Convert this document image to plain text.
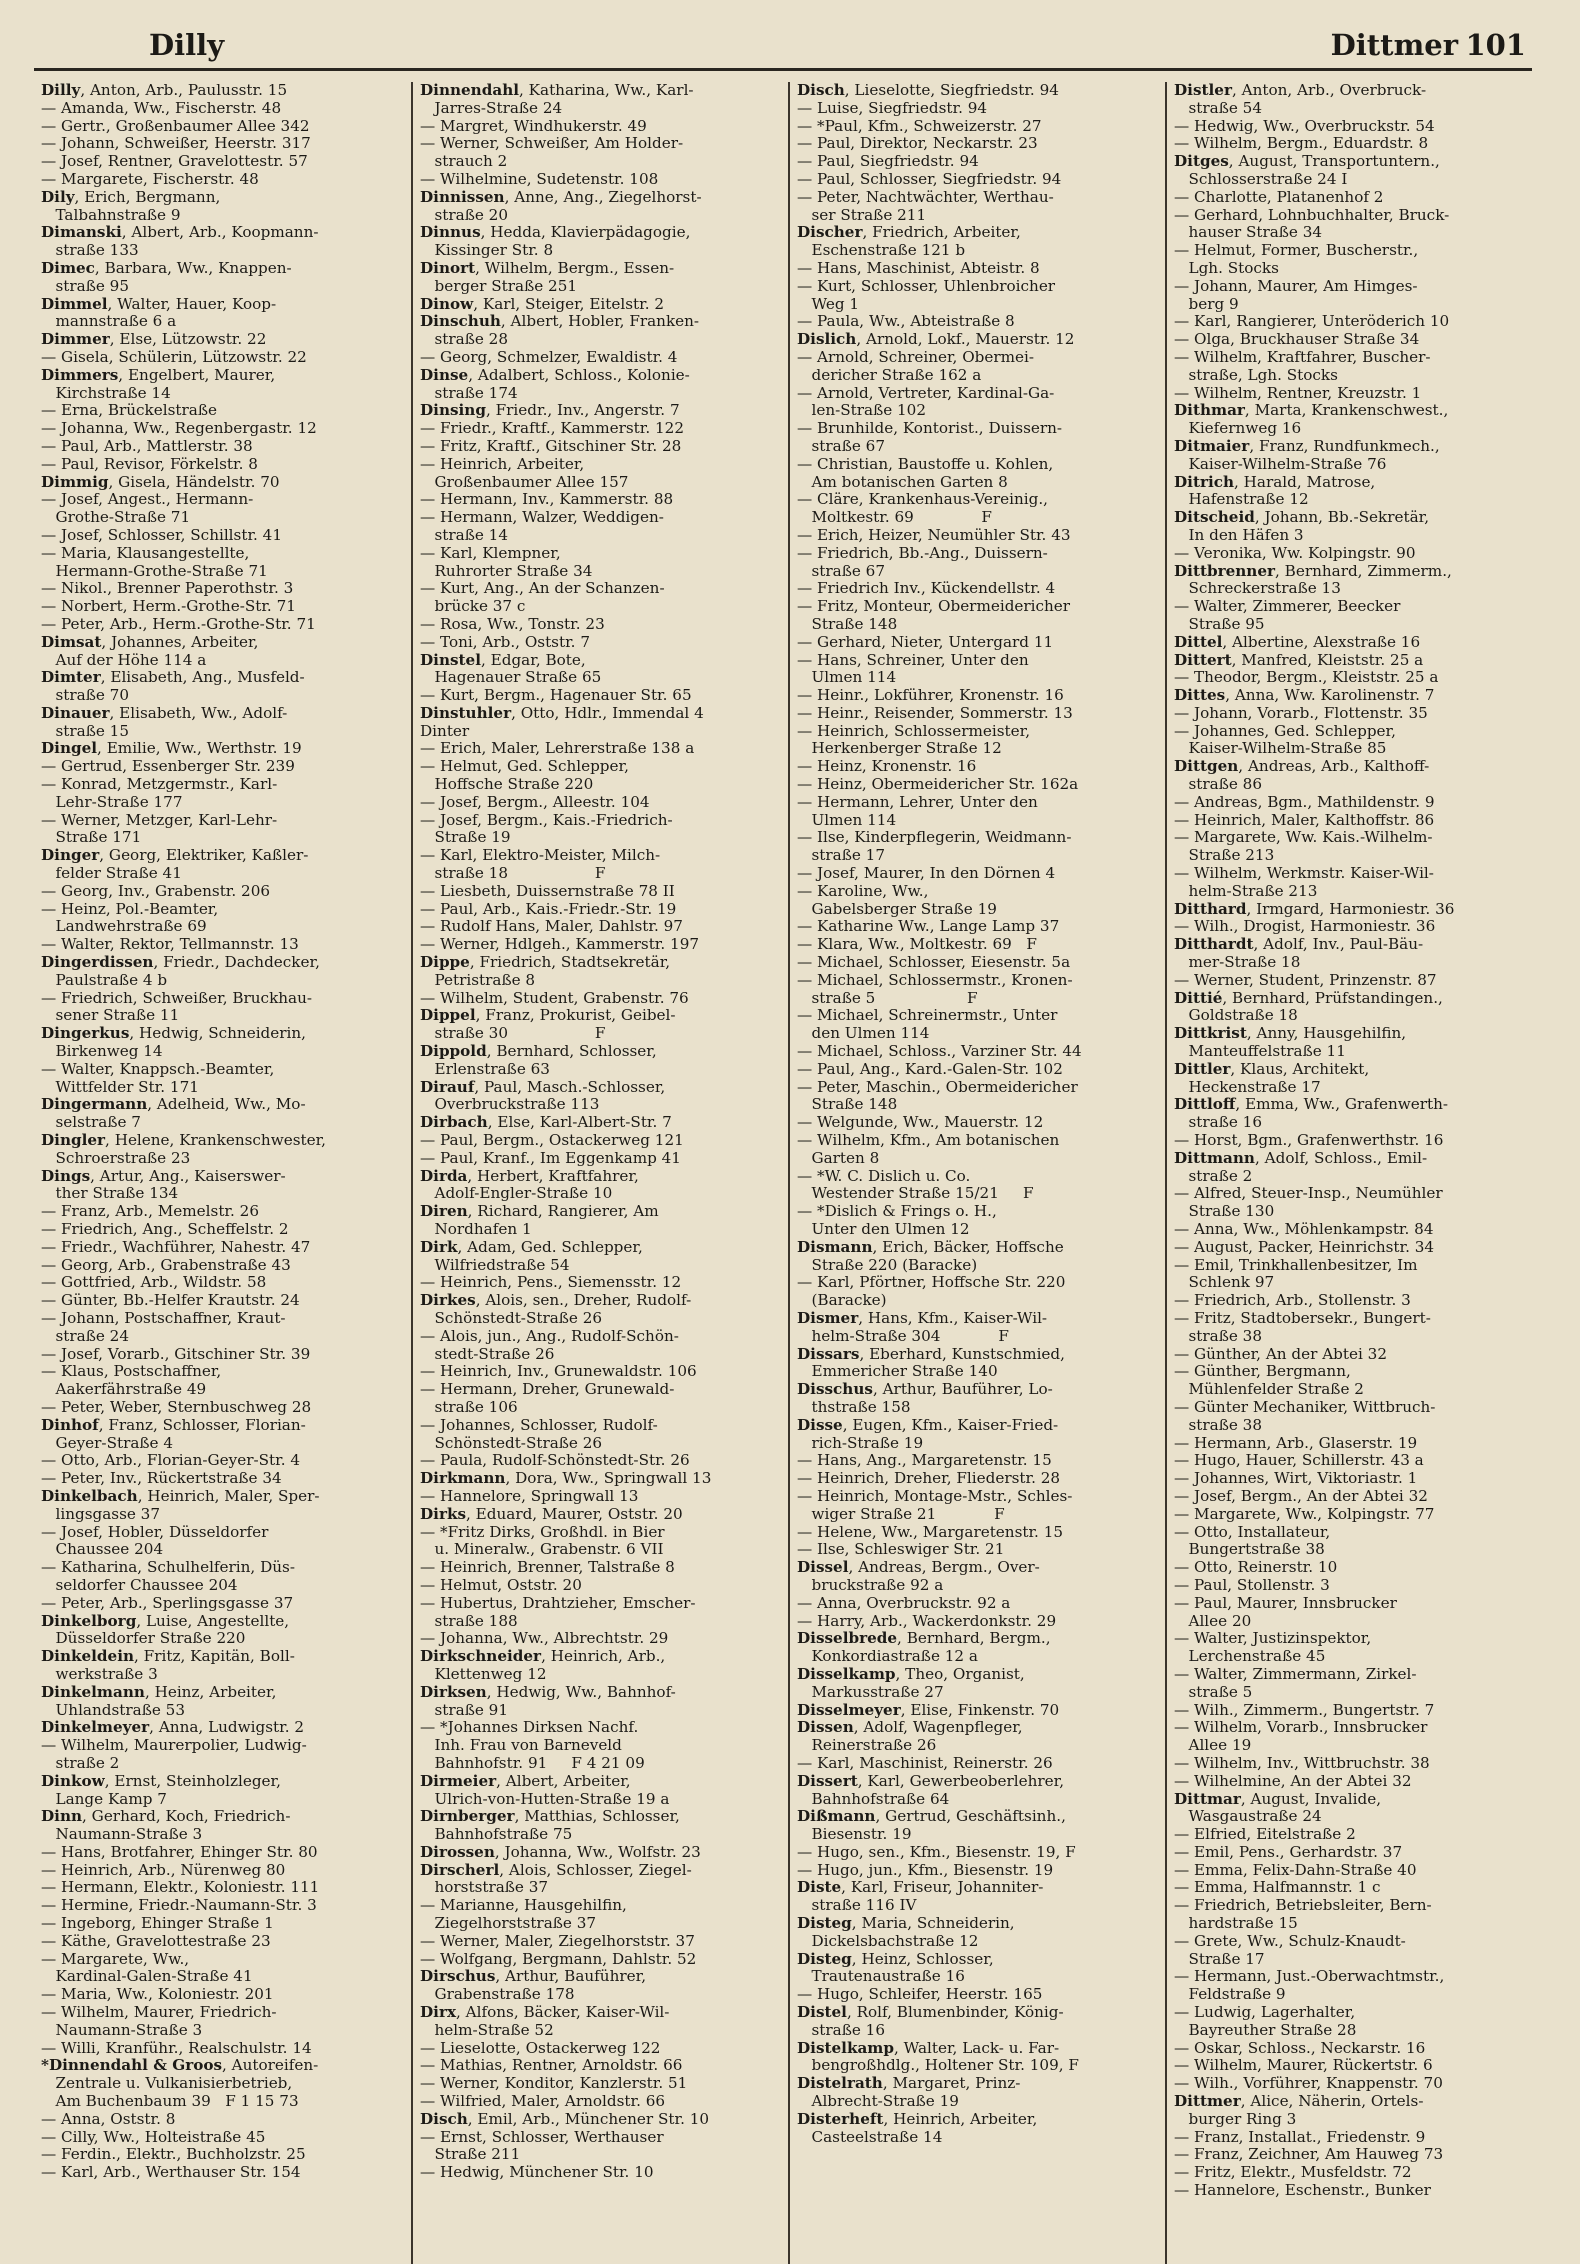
Dilly	Dittmer 101
Dilly, Anton, Arb., Paulusstr. 15
— Amanda, Ww., Fischerstr. 48
— Gertr., Großenbaumer Allee 342
— Johann, Schweißer, Heerstr. 317
— Josef, Rentner, Gravelottestr. 57
— Margarete, Fischerstr. 48
Dily, Erich, Bergmann,
Talbahnstraße 9
Dimanski, Albert, Arb., Koopmann-
straße 133
Dimec, Barbara, Ww., Knappen-
straße 95
Dimmel, Walter, Hauer, Koop-
mannstraße 6 a
Dimmer, Else, Lützowstr. 22
— Gisela, Schülerin, Lützowstr. 22
Dimmers, Engelbert, Maurer,
Kirchstraße 14
— Erna, Brückelstraße
— Johanna, Ww., Regenbergastr. 12
— Paul, Arb., Mattlerstr. 38
— Paul, Revisor, Förkelstr. 8
Dimmig, Gisela, Händelstr. 70
— Josef, Angest., Hermann-
Grothe-Straße 71
— Josef, Schlosser, Schillstr. 41
— Maria, Klausangestellte,
Hermann-Grothe-Straße 71
— Nikol., Brenner Paperothstr. 3
— Norbert, Herm.-Grothe-Str. 71
— Peter, Arb., Herm.-Grothe-Str. 71
Dimsat, Johannes, Arbeiter,
Auf der Höhe 114 a
Dimter, Elisabeth, Ang., Musfeld-
straße 70
Dinauer, Elisabeth, Ww., Adolf-
straße 15
Dingel, Emilie, Ww., Werthstr. 19
— Gertrud, Essenberger Str. 239
— Konrad, Metzgermstr., Karl-
Lehr-Straße 177
— Werner, Metzger, Karl-Lehr-
Straße 171
Dinger, Georg, Elektriker, Kaßler-
felder Straße 41
— Georg, Inv., Grabenstr. 206
— Heinz, Pol.-Beamter,
Landwehrstraße 69
— Walter, Rektor, Tellmannstr. 13
Dingerdissen, Friedr., Dachdecker,
Paulstraße 4 b
— Friedrich, Schweißer, Bruckhau-
sener Straße 11
Dingerkus, Hedwig, Schneiderin,
Birkenweg 14
— Walter, Knappsch.-Beamter,
Wittfelder Str. 171
Dingermann, Adelheid, Ww., Mo-
selstraße 7
Dingler, Helene, Krankenschwester,
Schroerstraße 23
Dings, Artur, Ang., Kaiserswer-
ther Straße 134
— Franz, Arb., Memelstr. 26
— Friedrich, Ang., Scheffelstr. 2
— Friedr., Wachführer, Nahestr. 47
— Georg, Arb., Grabenstraße 43
— Gottfried, Arb., Wildstr. 58
— Günter, Bb.-Helfer Krautstr. 24
— Johann, Postschaffner, Kraut-
straße 24
— Josef, Vorarb., Gitschiner Str. 39
— Klaus, Postschaffner,
Aakerfährstraße 49
— Peter, Weber, Sternbuschweg 28
Dinhof, Franz, Schlosser, Florian-
Geyer-Straße 4
— Otto, Arb., Florian-Geyer-Str. 4
— Peter, Inv., Rückertstraße 34
Dinkelbach, Heinrich, Maler, Sper-
lingsgasse 37
— Josef, Hobler, Düsseldorfer
Chaussee 204
— Katharina, Schulhelferin, Düs-
seldorfer Chaussee 204
— Peter, Arb., Sperlingsgasse 37
Dinkelborg, Luise, Angestellte,
Düsseldorfer Straße 220
Dinkeldein, Fritz, Kapitän, Boll-
werkstraße 3
Dinkelmann, Heinz, Arbeiter,
Uhlandstraße 53
Dinkelmeyer, Anna, Ludwigstr. 2
— Wilhelm, Maurerpolier, Ludwig-
straße 2
Dinkow, Ernst, Steinholzleger,
Lange Kamp 7
Dinn, Gerhard, Koch, Friedrich-
Naumann-Straße 3
— Hans, Brotfahrer, Ehinger Str. 80
— Heinrich, Arb., Nürenweg 80
— Hermann, Elektr., Koloniestr. 111
— Hermine, Friedr.-Naumann-Str. 3
— Ingeborg, Ehinger Straße 1
— Käthe, Gravelottestraße 23
— Margarete, Ww.,
Kardinal-Galen-Straße 41
— Maria, Ww., Koloniestr. 201
— Wilhelm, Maurer, Friedrich-
Naumann-Straße 3
— Willi, Kranführ., Realschulstr. 14
*Dinnendahl & Groos, Autoreifen-
Zentrale u. Vulkanisierbetrieb,
Am Buchenbaum 39   F 1 15 73
— Anna, Oststr. 8
— Cilly, Ww., Holteistraße 45
— Ferdin., Elektr., Buchholzstr. 25
— Karl, Arb., Werthauser Str. 154
Dinnendahl, Katharina, Ww., Karl-
Jarres-Straße 24
— Margret, Windhukerstr. 49
— Werner, Schweißer, Am Holder-
strauch 2
— Wilhelmine, Sudetenstr. 108
Dinnissen, Anne, Ang., Ziegelhorst-
straße 20
Dinnus, Hedda, Klavierpädagogie,
Kissinger Str. 8
Dinort, Wilhelm, Bergm., Essen-
berger Straße 251
Dinow, Karl, Steiger, Eitelstr. 2
Dinschuh, Albert, Hobler, Franken-
straße 28
— Georg, Schmelzer, Ewaldistr. 4
Dinse, Adalbert, Schloss., Kolonie-
straße 174
Dinsing, Friedr., Inv., Angerstr. 7
— Friedr., Kraftf., Kammerstr. 122
— Fritz, Kraftf., Gitschiner Str. 28
— Heinrich, Arbeiter,
Großenbaumer Allee 157
— Hermann, Inv., Kammerstr. 88
— Hermann, Walzer, Weddigen-
straße 14
— Karl, Klempner,
Ruhrorter Straße 34
— Kurt, Ang., An der Schanzen-
brücke 37 c
— Rosa, Ww., Tonstr. 23
— Toni, Arb., Oststr. 7
Dinstel, Edgar, Bote,
Hagenauer Straße 65
— Kurt, Bergm., Hagenauer Str. 65
Dinstuhler, Otto, Hdlr., Immendal 4
Dinter
— Erich, Maler, Lehrerstraße 138 a
— Helmut, Ged. Schlepper,
Hoffsche Straße 220
— Josef, Bergm., Alleestr. 104
— Josef, Bergm., Kais.-Friedrich-
Straße 19
— Karl, Elektro-Meister, Milch-
straße 18                  F
— Liesbeth, Duissernstraße 78 II
— Paul, Arb., Kais.-Friedr.-Str. 19
— Rudolf Hans, Maler, Dahlstr. 97
— Werner, Hdlgeh., Kammerstr. 197
Dippe, Friedrich, Stadtsekretär,
Petristraße 8
— Wilhelm, Student, Grabenstr. 76
Dippel, Franz, Prokurist, Geibel-
straße 30                  F
Dippold, Bernhard, Schlosser,
Erlenstraße 63
Dirauf, Paul, Masch.-Schlosser,
Overbruckstraße 113
Dirbach, Else, Karl-Albert-Str. 7
— Paul, Bergm., Ostackerweg 121
— Paul, Kranf., Im Eggenkamp 41
Dirda, Herbert, Kraftfahrer,
Adolf-Engler-Straße 10
Diren, Richard, Rangierer, Am
Nordhafen 1
Dirk, Adam, Ged. Schlepper,
Wilfriedstraße 54
— Heinrich, Pens., Siemensstr. 12
Dirkes, Alois, sen., Dreher, Rudolf-
Schönstedt-Straße 26
— Alois, jun., Ang., Rudolf-Schön-
stedt-Straße 26
— Heinrich, Inv., Grunewaldstr. 106
— Hermann, Dreher, Grunewald-
straße 106
— Johannes, Schlosser, Rudolf-
Schönstedt-Straße 26
— Paula, Rudolf-Schönstedt-Str. 26
Dirkmann, Dora, Ww., Springwall 13
— Hannelore, Springwall 13
Dirks, Eduard, Maurer, Oststr. 20
— *Fritz Dirks, Großhdl. in Bier
u. Mineralw., Grabenstr. 6 VII
— Heinrich, Brenner, Talstraße 8
— Helmut, Oststr. 20
— Hubertus, Drahtzieher, Emscher-
straße 188
— Johanna, Ww., Albrechtstr. 29
Dirkschneider, Heinrich, Arb.,
Klettenweg 12
Dirksen, Hedwig, Ww., Bahnhof-
straße 91
— *Johannes Dirksen Nachf.
Inh. Frau von Barneveld
Bahnhofstr. 91     F 4 21 09
Dirmeier, Albert, Arbeiter,
Ulrich-von-Hutten-Straße 19 a
Dirnberger, Matthias, Schlosser,
Bahnhofstraße 75
Dirossen, Johanna, Ww., Wolfstr. 23
Dirscherl, Alois, Schlosser, Ziegel-
horststraße 37
— Marianne, Hausgehilfin,
Ziegelhorststraße 37
— Werner, Maler, Ziegelhorststr. 37
— Wolfgang, Bergmann, Dahlstr. 52
Dirschus, Arthur, Bauführer,
Grabenstraße 178
Dirx, Alfons, Bäcker, Kaiser-Wil-
helm-Straße 52
— Lieselotte, Ostackerweg 122
— Mathias, Rentner, Arnoldstr. 66
— Werner, Konditor, Kanzlerstr. 51
— Wilfried, Maler, Arnoldstr. 66
Disch, Emil, Arb., Münchener Str. 10
— Ernst, Schlosser, Werthauser
Straße 211
— Hedwig, Münchener Str. 10
Disch, Lieselotte, Siegfriedstr. 94
— Luise, Siegfriedstr. 94
— *Paul, Kfm., Schweizerstr. 27
— Paul, Direktor, Neckarstr. 23
— Paul, Siegfriedstr. 94
— Paul, Schlosser, Siegfriedstr. 94
— Peter, Nachtwächter, Werthau-
ser Straße 211
Discher, Friedrich, Arbeiter,
Eschenstraße 121 b
— Hans, Maschinist, Abteistr. 8
— Kurt, Schlosser, Uhlenbroicher
Weg 1
— Paula, Ww., Abteistraße 8
Dislich, Arnold, Lokf., Mauerstr. 12
— Arnold, Schreiner, Obermei-
dericher Straße 162 a
— Arnold, Vertreter, Kardinal-Ga-
len-Straße 102
— Brunhilde, Kontorist., Duissern-
straße 67
— Christian, Baustoffe u. Kohlen,
Am botanischen Garten 8
— Cläre, Krankenhaus-Vereinig.,
Moltkestr. 69              F
— Erich, Heizer, Neumühler Str. 43
— Friedrich, Bb.-Ang., Duissern-
straße 67
— Friedrich Inv., Kückendellstr. 4
— Fritz, Monteur, Obermeidericher
Straße 148
— Gerhard, Nieter, Untergard 11
— Hans, Schreiner, Unter den
Ulmen 114
— Heinr., Lokführer, Kronenstr. 16
— Heinr., Reisender, Sommerstr. 13
— Heinrich, Schlossermeister,
Herkenberger Straße 12
— Heinz, Kronenstr. 16
— Heinz, Obermeidericher Str. 162a
— Hermann, Lehrer, Unter den
Ulmen 114
— Ilse, Kinderpflegerin, Weidmann-
straße 17
— Josef, Maurer, In den Dörnen 4
— Karoline, Ww.,
Gabelsberger Straße 19
— Katharine Ww., Lange Lamp 37
— Klara, Ww., Moltkestr. 69   F
— Michael, Schlosser, Eiesenstr. 5a
— Michael, Schlossermstr., Kronen-
straße 5                   F
— Michael, Schreinermstr., Unter
den Ulmen 114
— Michael, Schloss., Varziner Str. 44
— Paul, Ang., Kard.-Galen-Str. 102
— Peter, Maschin., Obermeidericher
Straße 148
— Welgunde, Ww., Mauerstr. 12
— Wilhelm, Kfm., Am botanischen
Garten 8
— *W. C. Dislich u. Co.
Westender Straße 15/21     F
— *Dislich & Frings o. H.,
Unter den Ulmen 12
Dismann, Erich, Bäcker, Hoffsche
Straße 220 (Baracke)
— Karl, Pförtner, Hoffsche Str. 220
(Baracke)
Dismer, Hans, Kfm., Kaiser-Wil-
helm-Straße 304            F
Dissars, Eberhard, Kunstschmied,
Emmericher Straße 140
Disschus, Arthur, Bauführer, Lo-
thstraße 158
Disse, Eugen, Kfm., Kaiser-Fried-
rich-Straße 19
— Hans, Ang., Margaretenstr. 15
— Heinrich, Dreher, Fliederstr. 28
— Heinrich, Montage-Mstr., Schles-
wiger Straße 21            F
— Helene, Ww., Margaretenstr. 15
— Ilse, Schleswiger Str. 21
Dissel, Andreas, Bergm., Over-
bruckstraße 92 a
— Anna, Overbruckstr. 92 a
— Harry, Arb., Wackerdonkstr. 29
Disselbrede, Bernhard, Bergm.,
Konkordiastraße 12 a
Disselkamp, Theo, Organist,
Markusstraße 27
Disselmeyer, Elise, Finkenstr. 70
Dissen, Adolf, Wagenpfleger,
Reinerstraße 26
— Karl, Maschinist, Reinerstr. 26
Dissert, Karl, Gewerbeoberlehrer,
Bahnhofstraße 64
Dißmann, Gertrud, Geschäftsinh.,
Biesenstr. 19
— Hugo, sen., Kfm., Biesenstr. 19, F
— Hugo, jun., Kfm., Biesenstr. 19
Diste, Karl, Friseur, Johanniter-
straße 116 IV
Disteg, Maria, Schneiderin,
Dickelsbachstraße 12
Disteg, Heinz, Schlosser,
Trautenaustraße 16
— Hugo, Schleifer, Heerstr. 165
Distel, Rolf, Blumenbinder, König-
straße 16
Distelkamp, Walter, Lack- u. Far-
bengroßhdlg., Holtener Str. 109, F
Distelrath, Margaret, Prinz-
Albrecht-Straße 19
Disterheft, Heinrich, Arbeiter,
Casteelstraße 14
Distler, Anton, Arb., Overbruck-
straße 54
— Hedwig, Ww., Overbruckstr. 54
— Wilhelm, Bergm., Eduardstr. 8
Ditges, August, Transportuntern.,
Schlosserstraße 24 I
— Charlotte, Platanenhof 2
— Gerhard, Lohnbuchhalter, Bruck-
hauser Straße 34
— Helmut, Former, Buscherstr.,
Lgh. Stocks
— Johann, Maurer, Am Himges-
berg 9
— Karl, Rangierer, Unteröderich 10
— Olga, Bruckhauser Straße 34
— Wilhelm, Kraftfahrer, Buscher-
straße, Lgh. Stocks
— Wilhelm, Rentner, Kreuzstr. 1
Dithmar, Marta, Krankenschwest.,
Kiefernweg 16
Ditmaier, Franz, Rundfunkmech.,
Kaiser-Wilhelm-Straße 76
Ditrich, Harald, Matrose,
Hafenstraße 12
Ditscheid, Johann, Bb.-Sekretär,
In den Häfen 3
— Veronika, Ww. Kolpingstr. 90
Dittbrenner, Bernhard, Zimmerm.,
Schreckerstraße 13
— Walter, Zimmerer, Beecker
Straße 95
Dittel, Albertine, Alexstraße 16
Dittert, Manfred, Kleiststr. 25 a
— Theodor, Bergm., Kleiststr. 25 a
Dittes, Anna, Ww. Karolinenstr. 7
— Johann, Vorarb., Flottenstr. 35
— Johannes, Ged. Schlepper,
Kaiser-Wilhelm-Straße 85
Dittgen, Andreas, Arb., Kalthoff-
straße 86
— Andreas, Bgm., Mathildenstr. 9
— Heinrich, Maler, Kalthoffstr. 86
— Margarete, Ww. Kais.-Wilhelm-
Straße 213
— Wilhelm, Werkmstr. Kaiser-Wil-
helm-Straße 213
Ditthard, Irmgard, Harmoniestr. 36
— Wilh., Drogist, Harmoniestr. 36
Ditthardt, Adolf, Inv., Paul-Bäu-
mer-Straße 18
— Werner, Student, Prinzenstr. 87
Dittié, Bernhard, Prüfstandingen.,
Goldstraße 18
Dittkrist, Anny, Hausgehilfin,
Manteuffelstraße 11
Dittler, Klaus, Architekt,
Heckenstraße 17
Dittloff, Emma, Ww., Grafenwerth-
straße 16
— Horst, Bgm., Grafenwerthstr. 16
Dittmann, Adolf, Schloss., Emil-
straße 2
— Alfred, Steuer-Insp., Neumühler
Straße 130
— Anna, Ww., Möhlenkampstr. 84
— August, Packer, Heinrichstr. 34
— Emil, Trinkhallenbesitzer, Im
Schlenk 97
— Friedrich, Arb., Stollenstr. 3
— Fritz, Stadtobersekr., Bungert-
straße 38
— Günther, An der Abtei 32
— Günther, Bergmann,
Mühlenfelder Straße 2
— Günter Mechaniker, Wittbruch-
straße 38
— Hermann, Arb., Glaserstr. 19
— Hugo, Hauer, Schillerstr. 43 a
— Johannes, Wirt, Viktoriastr. 1
— Josef, Bergm., An der Abtei 32
— Margarete, Ww., Kolpingstr. 77
— Otto, Installateur,
Bungertstraße 38
— Otto, Reinerstr. 10
— Paul, Stollenstr. 3
— Paul, Maurer, Innsbrucker
Allee 20
— Walter, Justizinspektor,
Lerchenstraße 45
— Walter, Zimmermann, Zirkel-
straße 5
— Wilh., Zimmerm., Bungertstr. 7
— Wilhelm, Vorarb., Innsbrucker
Allee 19
— Wilhelm, Inv., Wittbruchstr. 38
— Wilhelmine, An der Abtei 32
Dittmar, August, Invalide,
Wasgaustraße 24
— Elfried, Eitelstraße 2
— Emil, Pens., Gerhardstr. 37
— Emma, Felix-Dahn-Straße 40
— Emma, Halfmannstr. 1 c
— Friedrich, Betriebsleiter, Bern-
hardstraße 15
— Grete, Ww., Schulz-Knaudt-
Straße 17
— Hermann, Just.-Oberwachtmstr.,
Feldstraße 9
— Ludwig, Lagerhalter,
Bayreuther Straße 28
— Oskar, Schloss., Neckarstr. 16
— Wilhelm, Maurer, Rückertstr. 6
— Wilh., Vorführer, Knappenstr. 70
Dittmer, Alice, Näherin, Ortels-
burger Ring 3
— Franz, Installat., Friedenstr. 9
— Franz, Zeichner, Am Hauweg 73
— Fritz, Elektr., Musfeldstr. 72
— Hannelore, Eschenstr., Bunker
